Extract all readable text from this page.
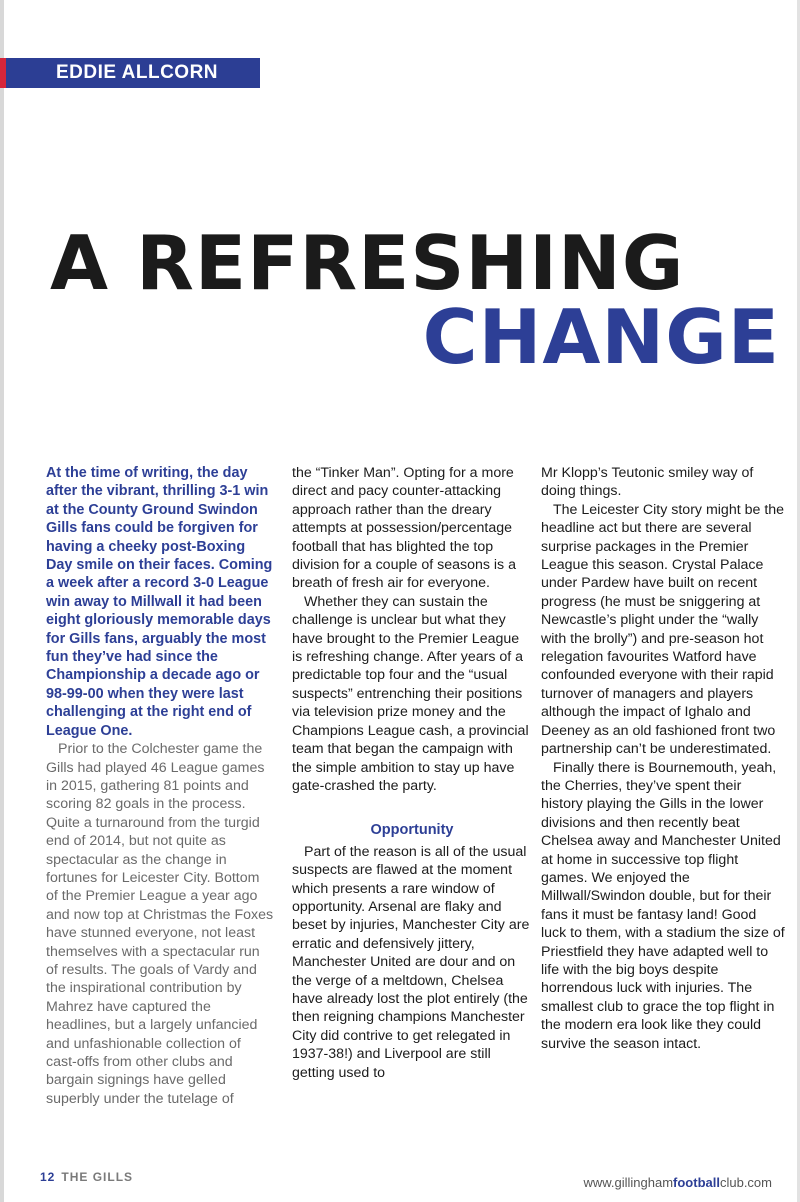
EDDIE ALLCORN
A REFRESHING
CHANGE

At the time of writing, the day after the vibrant, thrilling 3-1 win at the County Ground Swindon Gills fans could be forgiven for having a cheeky post-Boxing Day smile on their faces. Coming a week after a record 3-0 League win away to Millwall it had been eight gloriously memorable days for Gills fans, arguably the most fun they’ve had since the Championship a decade ago or 98-99-00 when they were last challenging at the right end of League One.

Prior to the Colchester game the Gills had played 46 League games in 2015, gathering 81 points and scoring 82 goals in the process. Quite a turnaround from the turgid end of 2014, but not quite as spectacular as the change in fortunes for Leicester City. Bottom of the Premier League a year ago and now top at Christmas the Foxes have stunned everyone, not least themselves with a spectacular run of results. The goals of Vardy and the inspirational contribution by Mahrez have captured the headlines, but a largely unfancied and unfashionable collection of cast-offs from other clubs and bargain signings have gelled superbly under the tutelage of

the “Tinker Man”. Opting for a more direct and pacy counter-attacking approach rather than the dreary attempts at possession/percentage football that has blighted the top division for a couple of seasons is a breath of fresh air for everyone.

Whether they can sustain the challenge is unclear but what they have brought to the Premier League is refreshing change. After years of a predictable top four and the “usual suspects” entrenching their positions via television prize money and the Champions League cash, a provincial team that began the campaign with the simple ambition to stay up have gate-crashed the party.

Opportunity

Part of the reason is all of the usual suspects are flawed at the moment which presents a rare window of opportunity. Arsenal are flaky and beset by injuries, Manchester City are erratic and defensively jittery, Manchester United are dour and on the verge of a meltdown, Chelsea have already lost the plot entirely (the then reigning champions Manchester City did contrive to get relegated in 1937-38!) and Liverpool are still getting used to

Mr Klopp’s Teutonic smiley way of doing things.

The Leicester City story might be the headline act but there are several surprise packages in the Premier League this season. Crystal Palace under Pardew have built on recent progress (he must be sniggering at Newcastle’s plight under the “wally with the brolly”) and pre-season hot relegation favourites Watford have confounded everyone with their rapid turnover of managers and players although the impact of Ighalo and Deeney as an old fashioned front two partnership can’t be underestimated.

Finally there is Bournemouth, yeah, the Cherries, they’ve spent their history playing the Gills in the lower divisions and then recently beat Chelsea away and Manchester United at home in successive top flight games. We enjoyed the Millwall/Swindon double, but for their fans it must be fantasy land! Good luck to them, with a stadium the size of Priestfield they have adapted well to life with the big boys despite horrendous luck with injuries. The smallest club to grace the top flight in the modern era look like they could survive the season intact.

12 THE GILLS	www.gillinghamfootballclub.com
